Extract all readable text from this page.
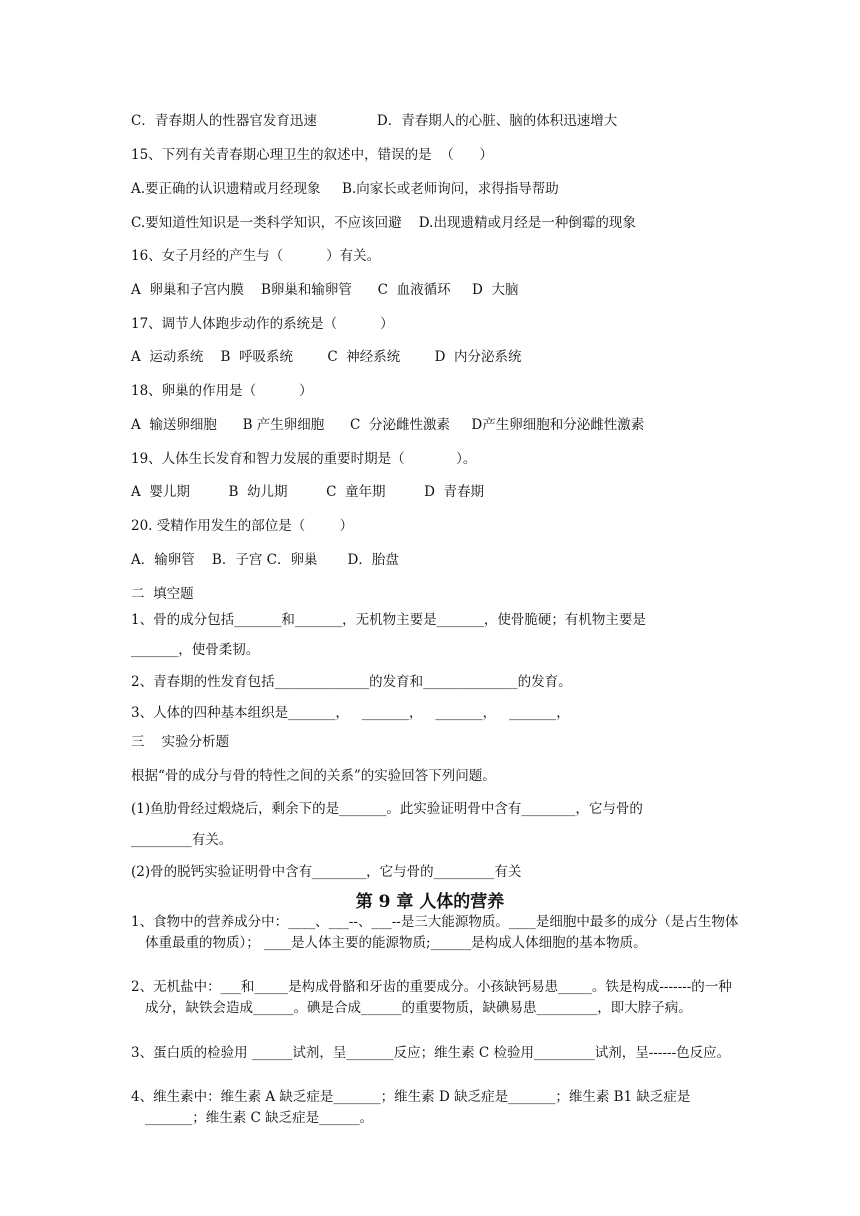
C．青春期人的性器官发育迅速              D．青春期人的心脏、脑的体积迅速增大
15、下列有关青春期心理卫生的叙述中，错误的是  （      ）
A.要正确的认识遗精或月经现象     B.向家长或老师询问，求得指导帮助
C.要知道性知识是一类科学知识，不应该回避    D.出现遗精或月经是一种倒霉的现象
16、女子月经的产生与（          ）有关。
A  卵巢和子宫内膜    B卵巢和输卵管      C  血液循环     D  大脑
17、调节人体跑步动作的系统是（          ）
A  运动系统    B  呼吸系统        C  神经系统        D  内分泌系统
18、卵巢的作用是（          ）
A  输送卵细胞      B 产生卵细胞      C  分泌雌性激素     D产生卵细胞和分泌雌性激素
19、人体生长发育和智力发展的重要时期是（            ）。
A  婴儿期         B  幼儿期         C  童年期         D  青春期
20. 受精作用发生的部位是（        ）
A．输卵管    B．子宫 C．卵巢       D．胎盘
二  填空题
1、骨的成分包括_______和_______，无机物主要是_______，使骨脆硬；有机物主要是
_______，使骨柔韧。
2、青春期的性发育包括______________的发育和______________的发育。
3、人体的四种基本组织是_______，   _______，   _______，   _______，
三    实验分析题
根据“骨的成分与骨的特性之间的关系”的实验回答下列问题。
(1)鱼肋骨经过煅烧后，剩余下的是_______。此实验证明骨中含有________，它与骨的
_________有关。
(2)骨的脱钙实验证明骨中含有________，它与骨的_________有关
第 9 章 人体的营养
1、食物中的营养成分中：____、___--、___--是三大能源物质。____是细胞中最多的成分（是占生物体体重最重的物质）； ____是人体主要的能源物质;______是构成人体细胞的基本物质。
2、无机盐中：___和_____是构成骨骼和牙齿的重要成分。小孩缺钙易患_____。铁是构成-------的一种成分，缺铁会造成______。碘是合成______的重要物质，缺碘易患_________，即大脖子病。
3、蛋白质的检验用 ______试剂，呈_______反应；维生素 C 检验用_________试剂，呈------色反应。
4、维生素中：维生素 A 缺乏症是_______；维生素 D 缺乏症是_______；维生素 B1 缺乏症是_______；维生素 C 缺乏症是______。
